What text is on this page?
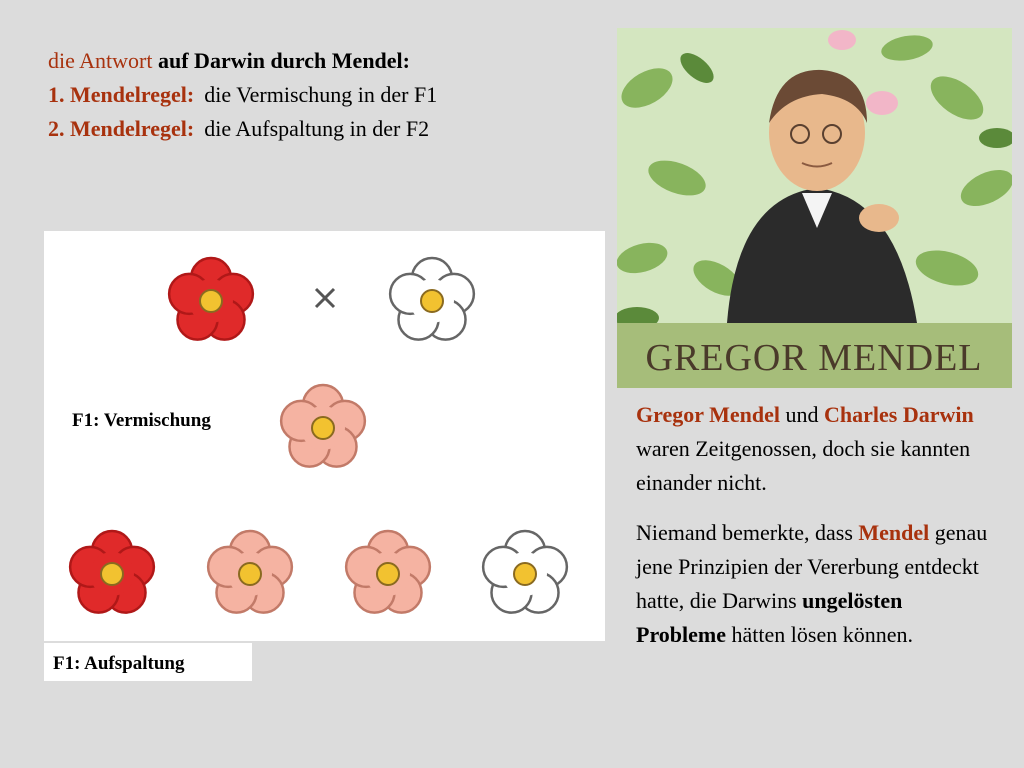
die Antwort auf Darwin durch Mendel:
1. Mendelregel: die Vermischung in der F1
2. Mendelregel: die Aufspaltung in der F2
F1: Vermischung
F1: Aufspaltung
GREGOR MENDEL

Gregor Mendel und Charles Darwin waren Zeitgenossen, doch sie kannten einander nicht.

Niemand bemerkte, dass Mendel genau jene Prinzipien der Vererbung entdeckt hatte, die Darwins ungelösten Probleme hätten lösen können.
